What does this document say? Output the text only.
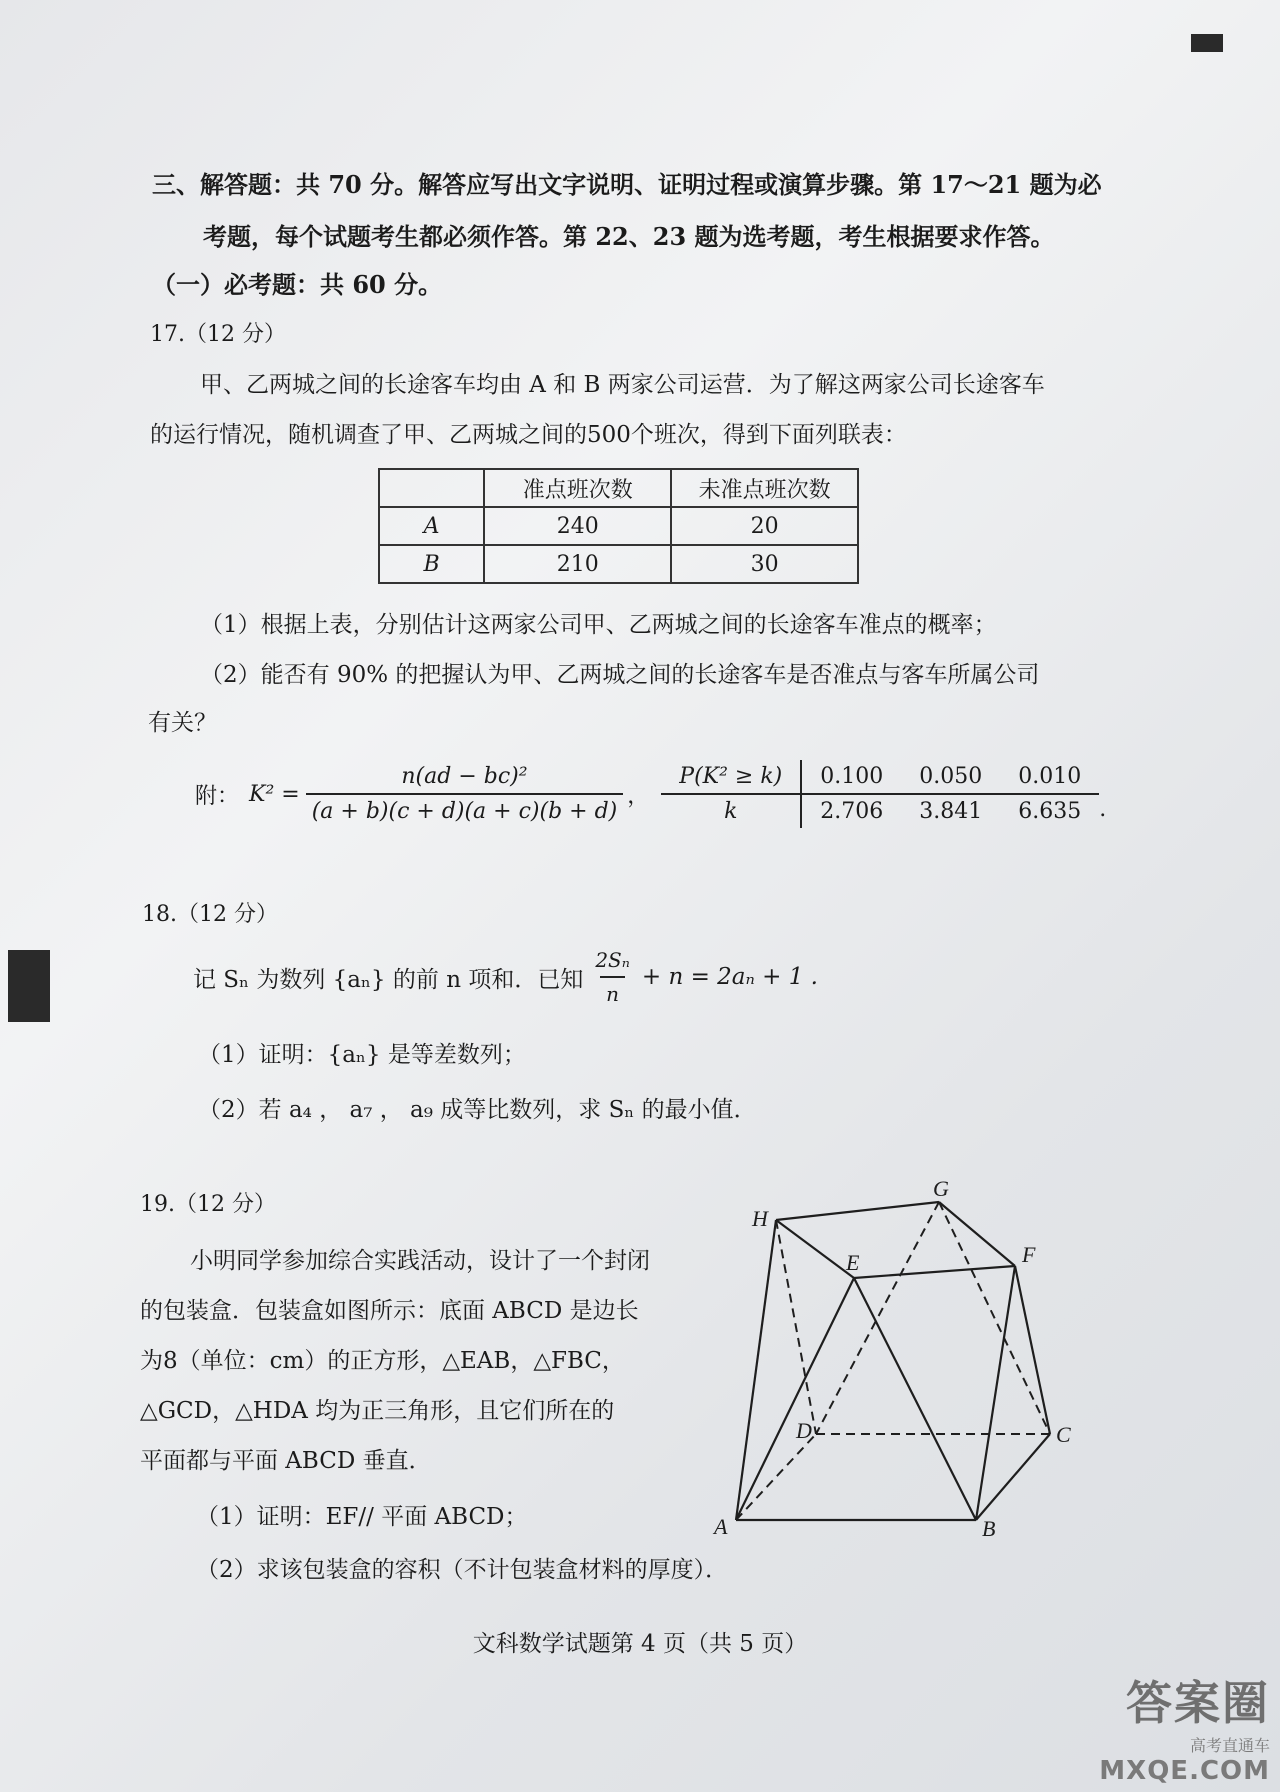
三、解答题：共 70 分。解答应写出文字说明、证明过程或演算步骤。第 17～21 题为必
考题，每个试题考生都必须作答。第 22、23 题为选考题，考生根据要求作答。
（一）必考题：共 60 分。
17.（12 分）
甲、乙两城之间的长途客车均由 A 和 B 两家公司运营．为了解这两家公司长途客车
的运行情况，随机调查了甲、乙两城之间的500个班次，得到下面列联表：
	准点班次数	未准点班次数
A	240	20
B	210	30
（1）根据上表，分别估计这两家公司甲、乙两城之间的长途客车准点的概率；
（2）能否有 90% 的把握认为甲、乙两城之间的长途客车是否准点与客车所属公司
有关？
附： $K^2 = \frac{\text{n(ad − bc)²}}{(a + b)(c + d)(a + c)(b + d)}$ ，
P(K² ≥ k)	0.100	0.050	0.010
k	2.706	3.841	6.635 .
18.（12 分）
记 Sₙ 为数列 {aₙ} 的前 n 项和．已知 $\frac{\text{2Sₙ}}{n} + n = 2a_n + 1$ .
（1）证明：{aₙ} 是等差数列；
（2）若 a₄ ， a₇ ， a₉ 成等比数列，求 Sₙ 的最小值．
19.（12 分）
小明同学参加综合实践活动，设计了一个封闭
的包装盒．包装盒如图所示：底面 ABCD 是边长
为8（单位：cm）的正方形，△EAB，△FBC，
△GCD，△HDA 均为正三角形，且它们所在的
平面都与平面 ABCD 垂直．
（1）证明：EF// 平面 ABCD；
（2）求该包装盒的容积（不计包装盒材料的厚度）．
G
H
F
E
D	C
A	B
文科数学试题第 4 页（共 5 页）
答案圈
高考直通车
MXQE.COM
